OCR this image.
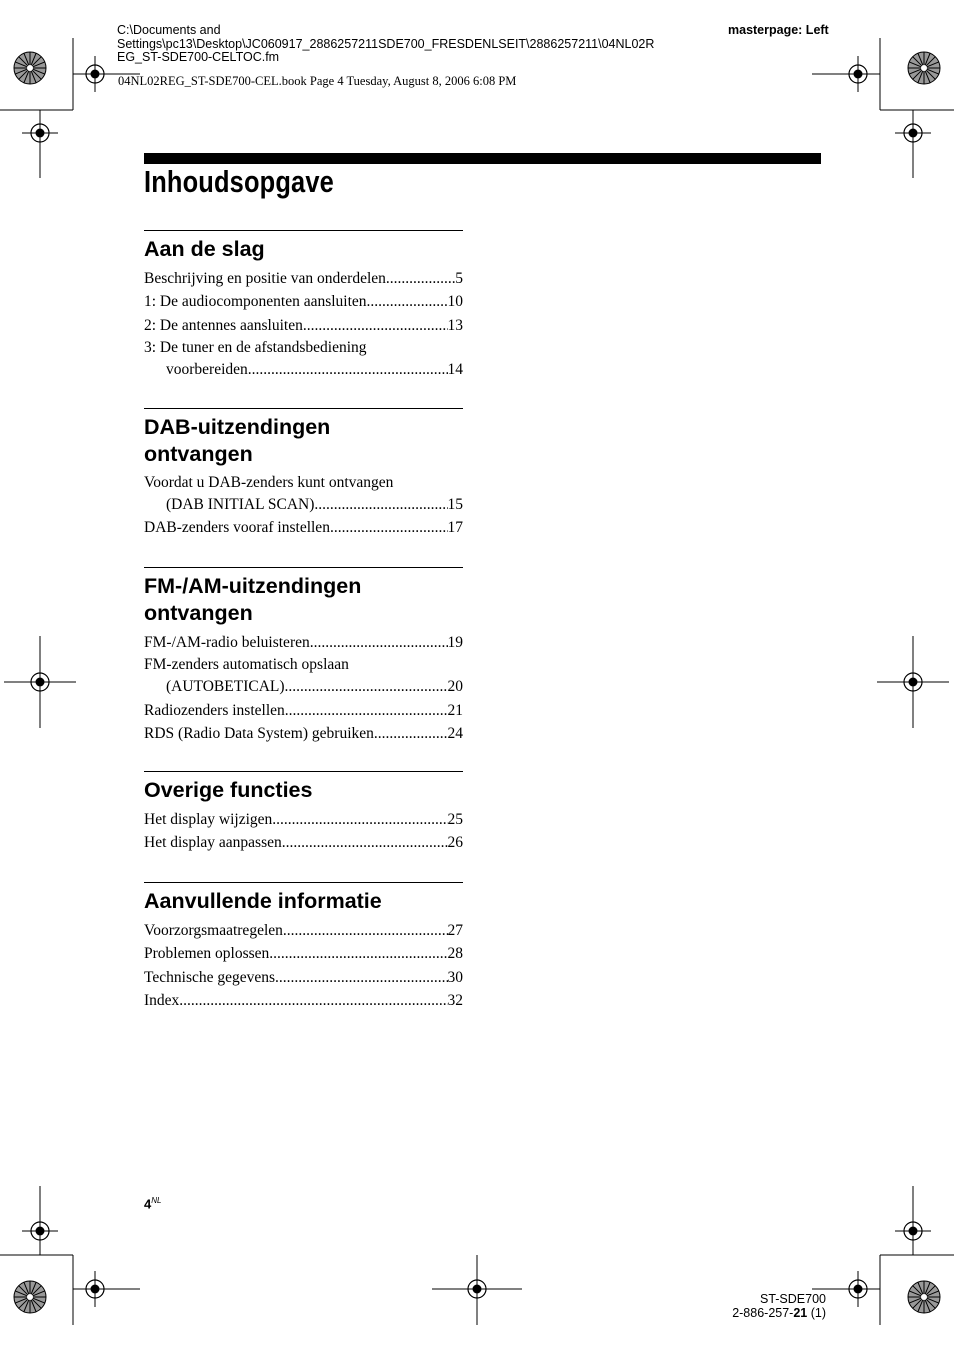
C:\Documents and
Settings\pc13\Desktop\JC060917_2886257211SDE700_FRESDENLSEIT\2886257211\04NL02R
EG_ST-SDE700-CELTOC.fm
masterpage: Left
04NL02REG_ST-SDE700-CEL.book Page 4 Tuesday, August 8, 2006 6:08 PM
Inhoudsopgave
Aan de slag
Beschrijving en positie van onderdelen .....	5
1: De audiocomponenten aansluiten .....	10
2: De antennes aansluiten .....	13
3: De tuner en de afstandsbediening
voorbereiden .....	14
DAB-uitzendingen
ontvangen
Voordat u DAB-zenders kunt ontvangen
(DAB INITIAL SCAN) .....	15
DAB-zenders vooraf instellen .....	17
FM-/AM-uitzendingen
ontvangen
FM-/AM-radio beluisteren .....	19
FM-zenders automatisch opslaan
(AUTOBETICAL) .....	20
Radiozenders instellen .....	21
RDS (Radio Data System) gebruiken .....	24
Overige functies
Het display wijzigen .....	25
Het display aanpassen .....	26
Aanvullende informatie
Voorzorgsmaatregelen .....	27
Problemen oplossen .....	28
Technische gegevens .....	30
Index .....	32
$4^{NL}$
ST-SDE700
2-886-257-21 (1)
